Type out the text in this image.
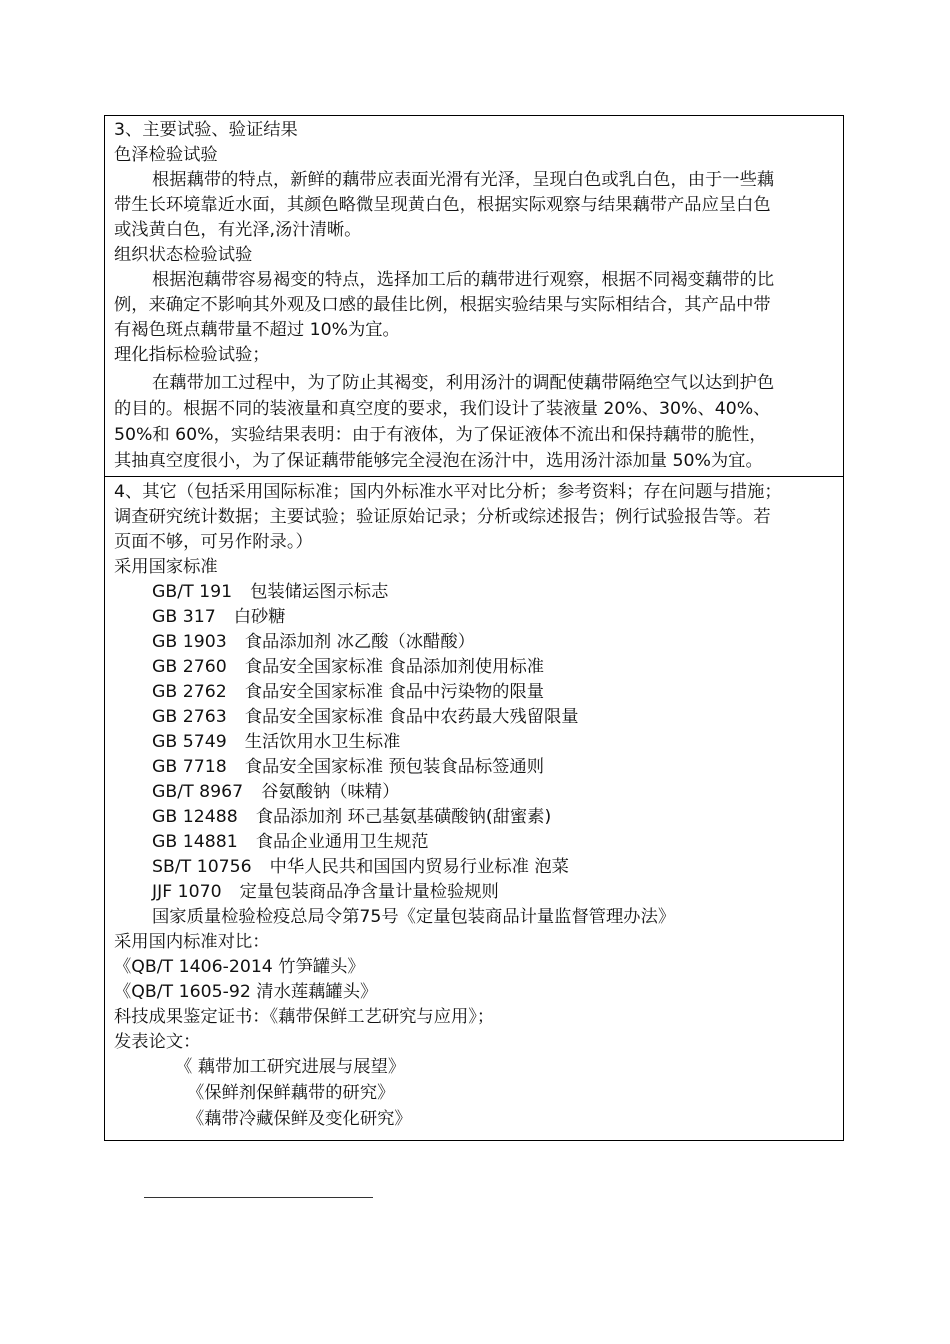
3、主要试验、验证结果
色泽检验试验
根据藕带的特点，新鲜的藕带应表面光滑有光泽，呈现白色或乳白色，由于一些藕
带生长环境靠近水面，其颜色略微呈现黄白色，根据实际观察与结果藕带产品应呈白色
或浅黄白色，有光泽,汤汁清晰。
组织状态检验试验
根据泡藕带容易褐变的特点，选择加工后的藕带进行观察，根据不同褐变藕带的比
例，来确定不影响其外观及口感的最佳比例，根据实验结果与实际相结合，其产品中带
有褐色斑点藕带量不超过 10%为宜。
理化指标检验试验；
在藕带加工过程中，为了防止其褐变，利用汤汁的调配使藕带隔绝空气以达到护色
的目的。根据不同的装液量和真空度的要求，我们设计了装液量 20%、30%、40%、
50%和 60%，实验结果表明：由于有液体，为了保证液体不流出和保持藕带的脆性，
其抽真空度很小，为了保证藕带能够完全浸泡在汤汁中，选用汤汁添加量 50%为宜。
4、其它（包括采用国际标准；国内外标准水平对比分析；参考资料；存在问题与措施；
调查研究统计数据；主要试验；验证原始记录；分析或综述报告；例行试验报告等。若
页面不够，可另作附录。）
采用国家标准
GB/T 191 包装储运图示标志
GB 317 白砂糖
GB 1903 食品添加剂 冰乙酸（冰醋酸）
GB 2760 食品安全国家标准 食品添加剂使用标准
GB 2762 食品安全国家标准 食品中污染物的限量
GB 2763 食品安全国家标准 食品中农药最大残留限量
GB 5749 生活饮用水卫生标准
GB 7718 食品安全国家标准 预包装食品标签通则
GB/T 8967 谷氨酸钠（味精）
GB 12488 食品添加剂 环己基氨基磺酸钠(甜蜜素)
GB 14881 食品企业通用卫生规范
SB/T 10756 中华人民共和国国内贸易行业标准 泡菜
JJF 1070 定量包装商品净含量计量检验规则
国家质量检验检疫总局令第75号《定量包装商品计量监督管理办法》
采用国内标准对比：
《QB/T 1406-2014 竹笋罐头》
《QB/T 1605-92 清水莲藕罐头》
科技成果鉴定证书：《藕带保鲜工艺研究与应用》；
发表论文：
《 藕带加工研究进展与展望》
《保鲜剂保鲜藕带的研究》
《藕带冷藏保鲜及变化研究》
